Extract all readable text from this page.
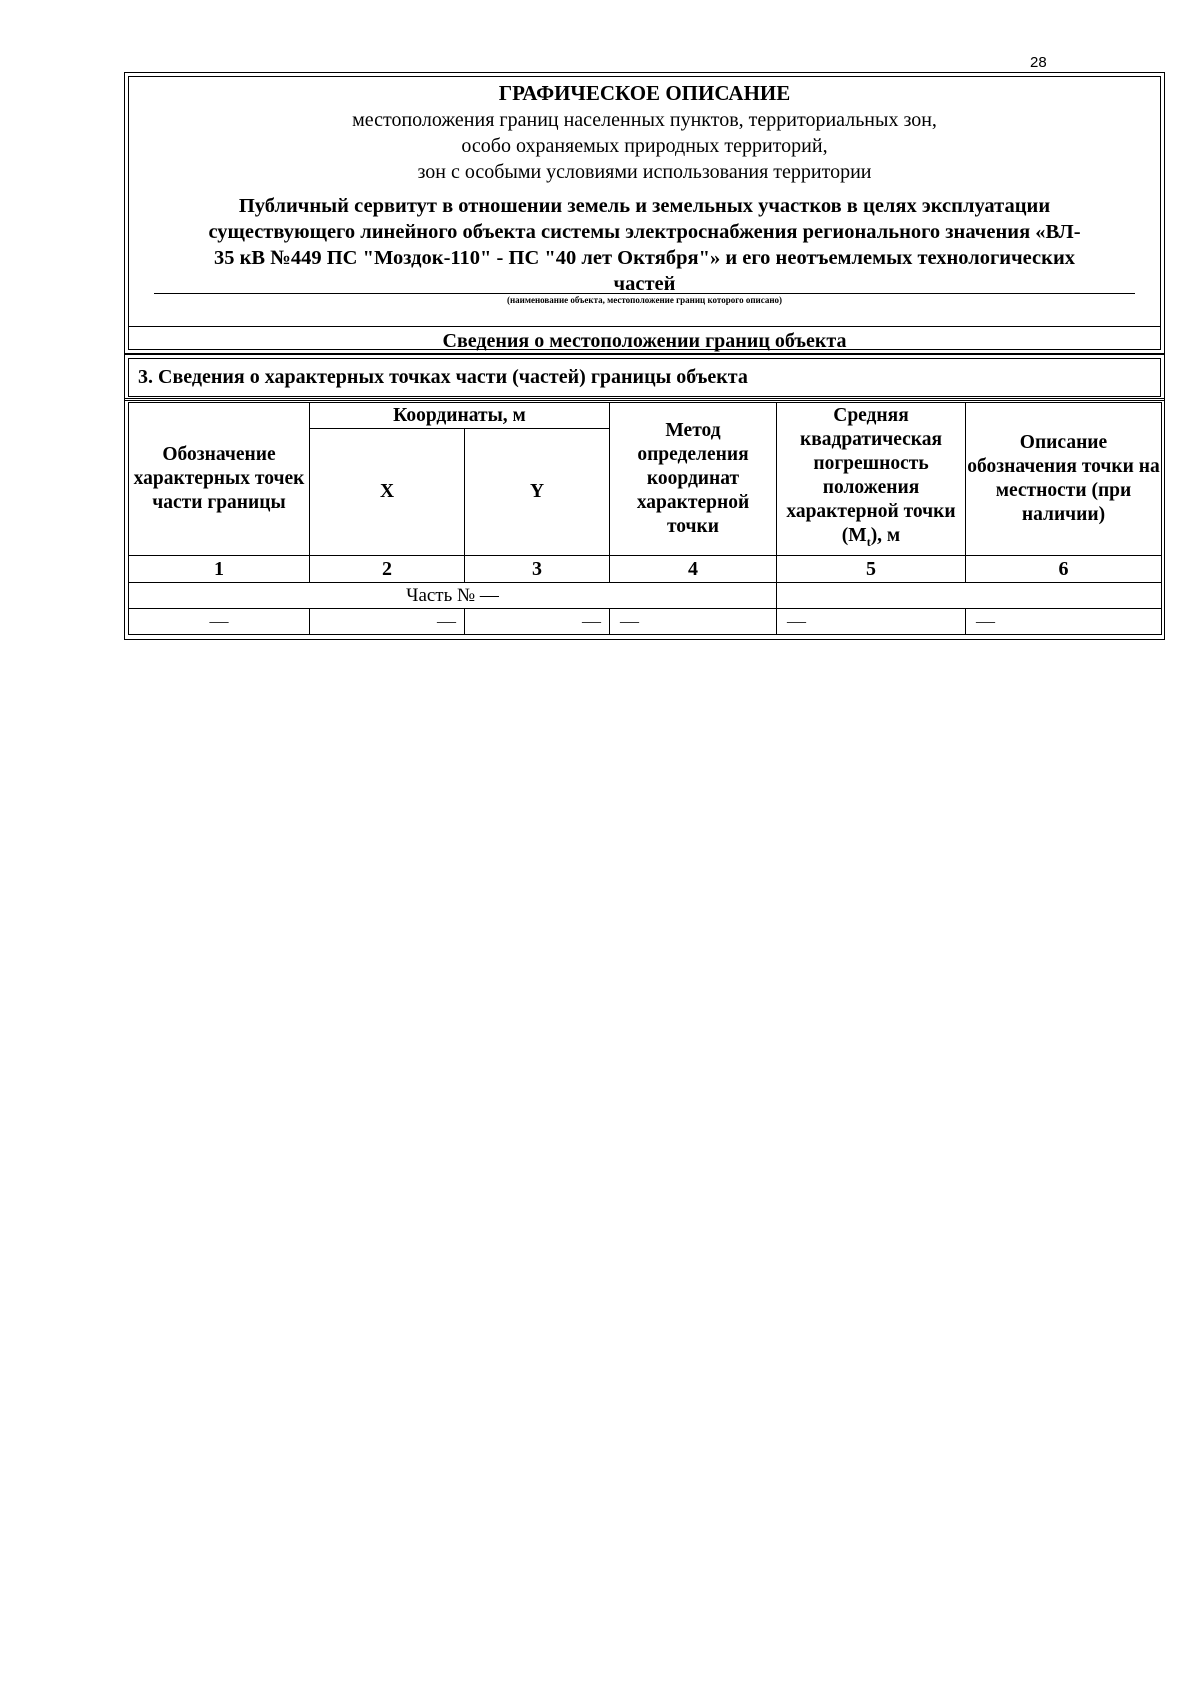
28
ГРАФИЧЕСКОЕ ОПИСАНИЕ
местоположения границ населенных пунктов, территориальных зон,
особо охраняемых природных территорий,
зон с особыми условиями использования территории
Публичный сервитут в отношении земель и земельных участков в целях эксплуатации
существующего линейного объекта системы электроснабжения регионального значения «ВЛ-
35 кВ №449 ПС "Моздок-110" - ПС "40 лет Октября"» и его неотъемлемых технологических
частей
(наименование объекта, местоположение границ которого описано)
Сведения о местоположении границ объекта
3. Сведения о характерных точках части (частей) границы объекта
Обозначение характерных точек части границы	Координаты, м		Метод определения координат характерной точки	Средняя квадратическая погрешность положения характерной точки $(M_t)$, м	Описание обозначения точки на местности (при наличии)
	X	Y			
1	2	3	4	5	6
Часть № —					
—	—	—	—	—	—
